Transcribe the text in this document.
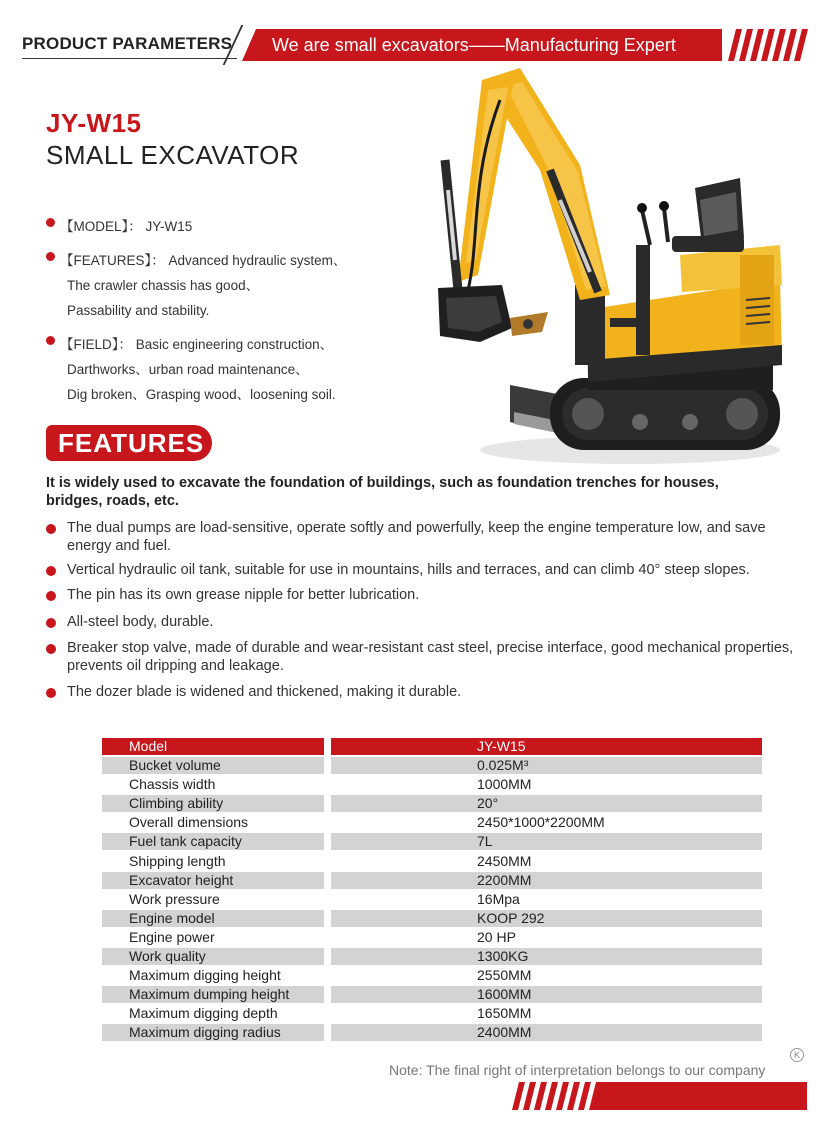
PRODUCT PARAMETERS We are small excavators——Manufacturing Expert
JY-W15
SMALL EXCAVATOR
【MODEL】： JY-W15
【FEATURES】： Advanced hydraulic system、
The crawler chassis has good、
Passability and stability.
【FIELD】： Basic engineering construction、
Darthworks、urban road maintenance、
Dig broken、Grasping wood、loosening soil.
FEATURES
It is widely used to excavate the foundation of buildings, such as foundation trenches for houses, bridges, roads, etc.
The dual pumps are load-sensitive, operate softly and powerfully, keep the engine temperature low, and save energy and fuel.
Vertical hydraulic oil tank, suitable for use in mountains, hills and terraces, and can climb 40° steep slopes.
The pin has its own grease nipple for better lubrication.
All-steel body, durable.
Breaker stop valve, made of durable and wear-resistant cast steel, precise interface, good mechanical properties, prevents oil dripping and leakage.
The dozer blade is widened and thickened, making it durable.
Model	JY-W15
Bucket volume	0.025M³
Chassis width	1000MM
Climbing ability	20°
Overall dimensions	2450*1000*2200MM
Fuel tank capacity	7L
Shipping length	2450MM
Excavator height	2200MM
Work pressure	16Mpa
Engine model	KOOP 292
Engine power	20 HP
Work quality	1300KG
Maximum digging height	2550MM
Maximum dumping height	1600MM
Maximum digging depth	1650MM
Maximum digging radius	2400MM
K
Note: The final right of interpretation belongs to our company
